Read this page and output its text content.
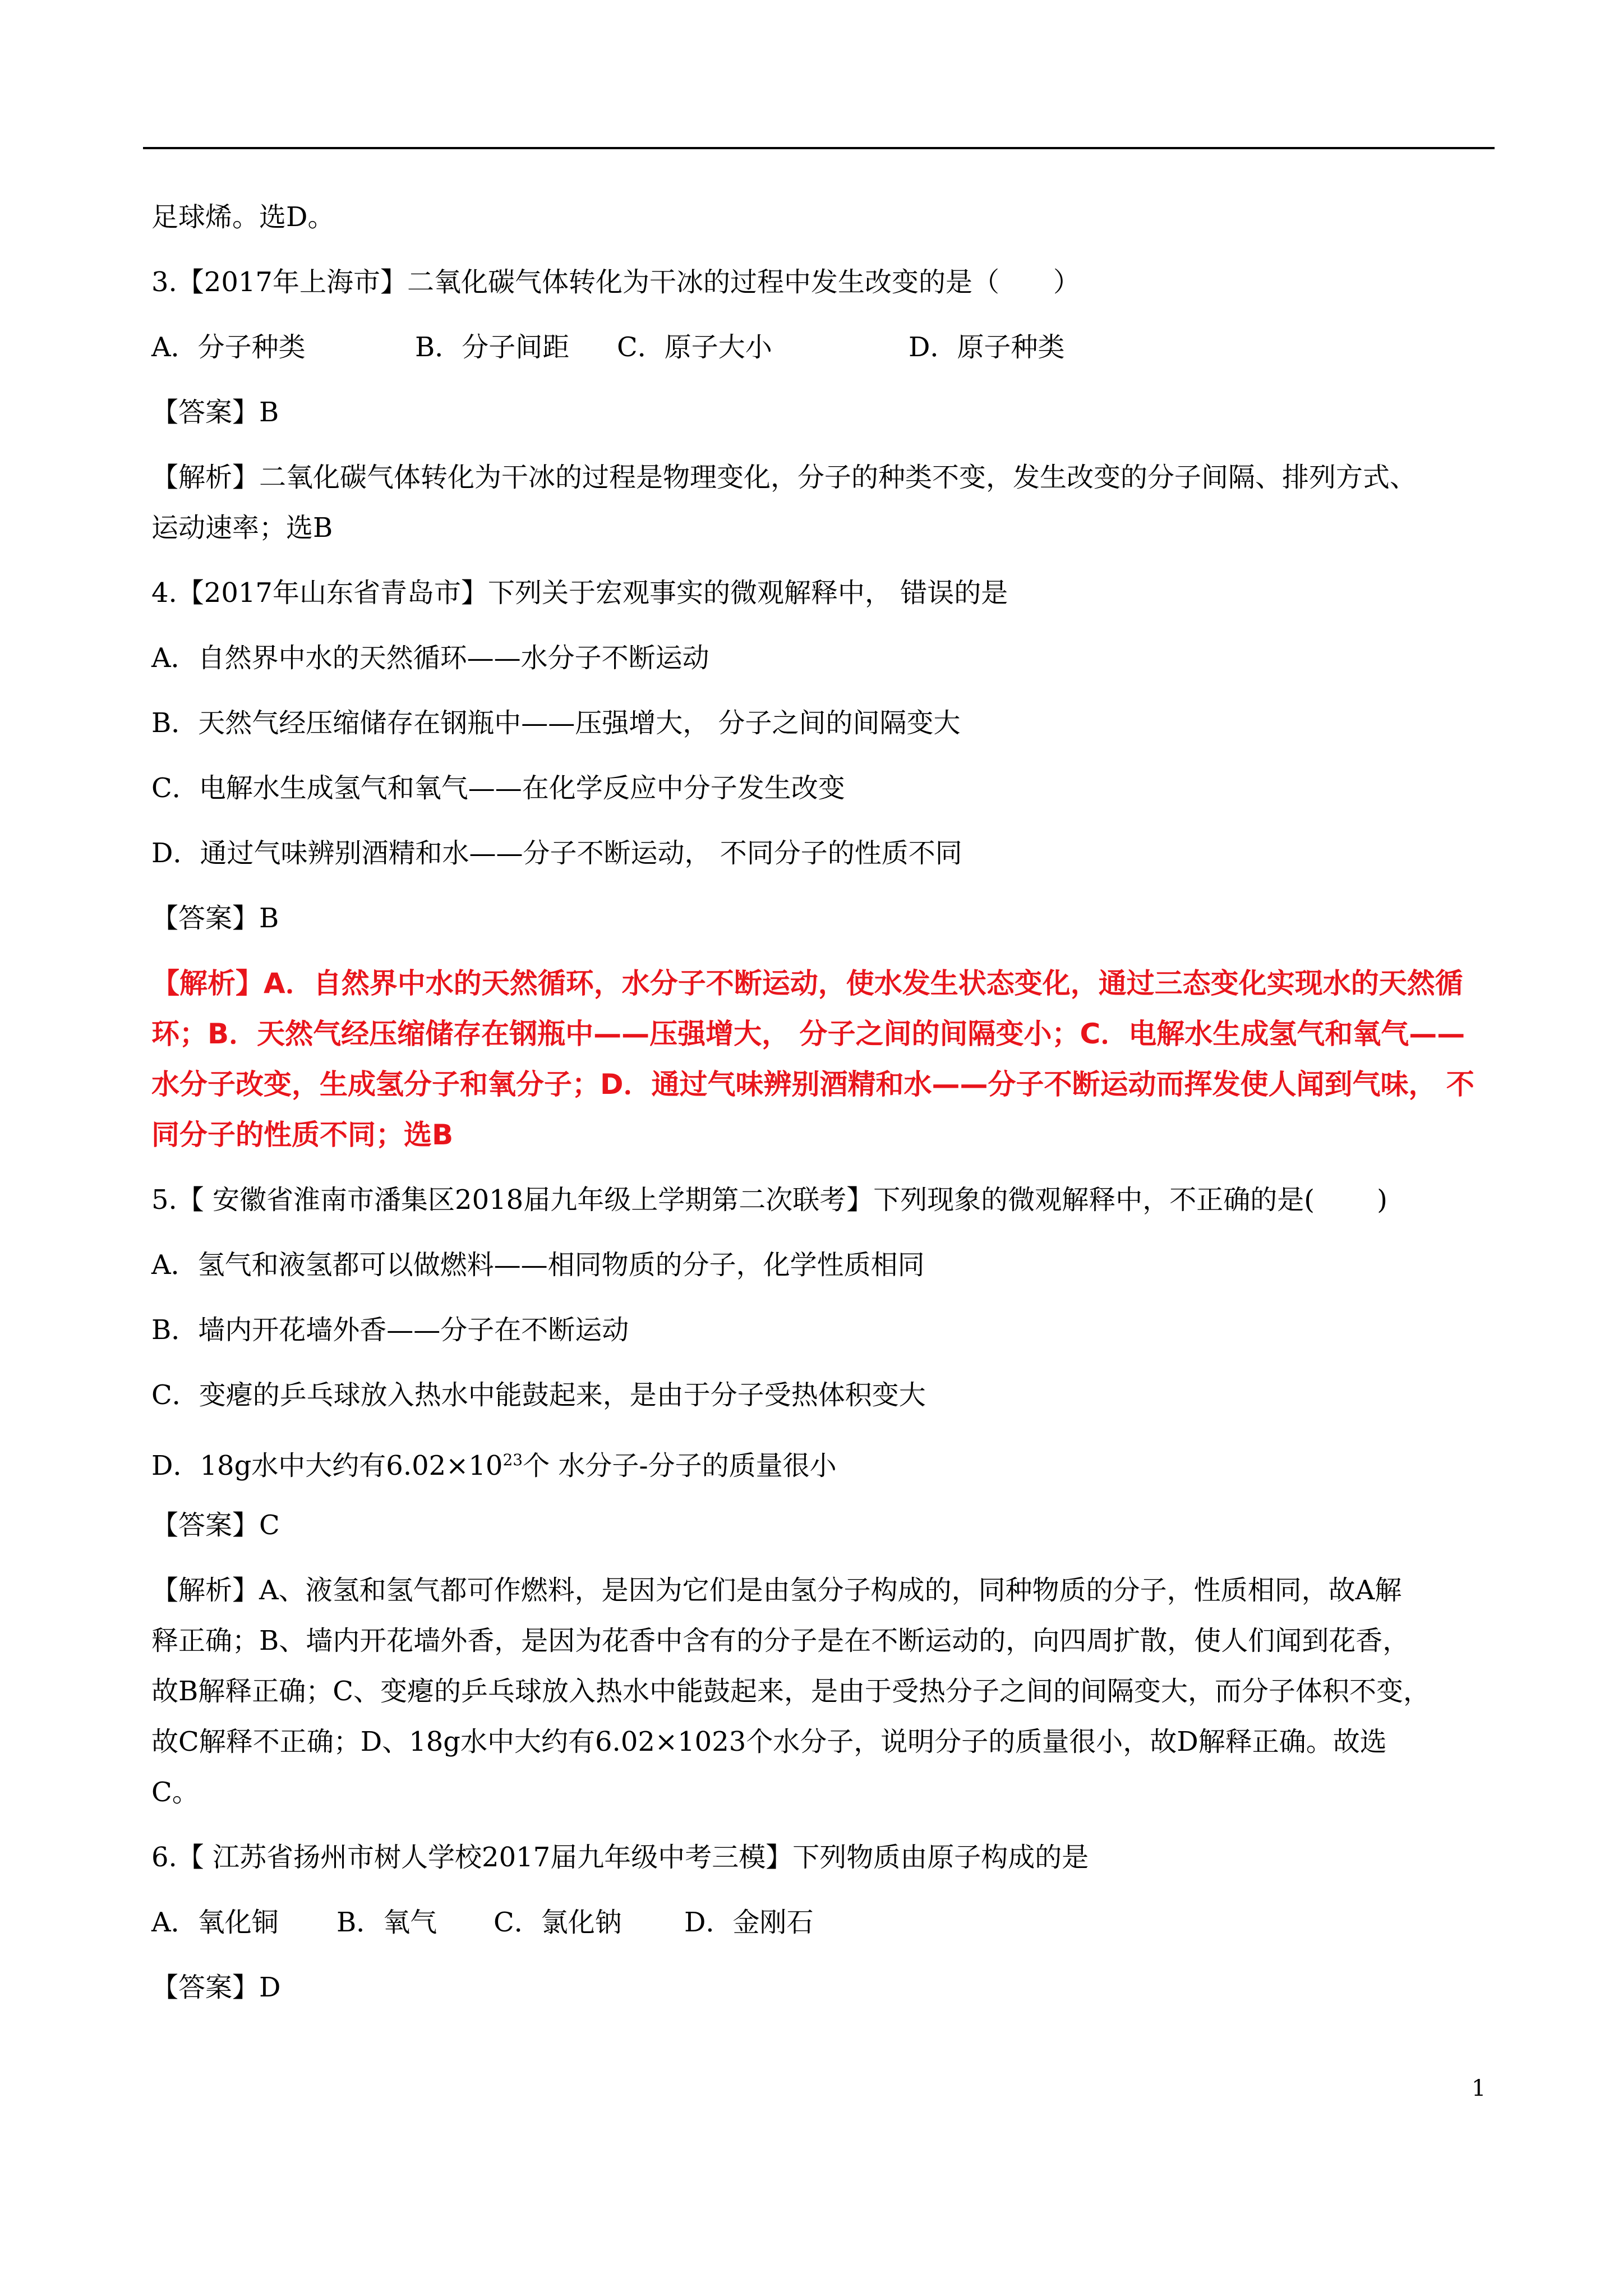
足球烯。选D。
3.【2017年上海市】二氧化碳气体转化为干冰的过程中发生改变的是（　　）
A．分子种类	B．分子间距 C．原子大小	D．原子种类
【答案】B
【解析】二氧化碳气体转化为干冰的过程是物理变化，分子的种类不变，发生改变的分子间隔、排列方式、
运动速率；选B
4.【2017年山东省青岛市】下列关于宏观事实的微观解释中， 错误的是
A．自然界中水的天然循环——水分子不断运动
B．天然气经压缩储存在钢瓶中——压强增大， 分子之间的间隔变大
C．电解水生成氢气和氧气——在化学反应中分子发生改变
D．通过气味辨别酒精和水——分子不断运动， 不同分子的性质不同
【答案】B
【解析】A．自然界中水的天然循环，水分子不断运动，使水发生状态变化，通过三态变化实现水的天然循
环；B．天然气经压缩储存在钢瓶中——压强增大， 分子之间的间隔变小；C．电解水生成氢气和氧气——
水分子改变，生成氢分子和氧分子；D．通过气味辨别酒精和水——分子不断运动而挥发使人闻到气味， 不
同分子的性质不同；选B
5.【 安徽省淮南市潘集区2018届九年级上学期第二次联考】下列现象的微观解释中，不正确的是(　　 )
A．氢气和液氢都可以做燃料——相同物质的分子，化学性质相同
B．墙内开花墙外香——分子在不断运动
C．变瘪的乒乓球放入热水中能鼓起来，是由于分子受热体积变大
D．18g水中大约有$6.02\times 10^{23}$个 水分子-分子的质量很小
【答案】C
【解析】A、液氢和氢气都可作燃料，是因为它们是由氢分子构成的，同种物质的分子，性质相同，故A解
释正确；B、墙内开花墙外香，是因为花香中含有的分子是在不断运动的，向四周扩散，使人们闻到花香，
故B解释正确；C、变瘪的乒乓球放入热水中能鼓起来，是由于受热分子之间的间隔变大，而分子体积不变，
故C解释不正确；D、18g水中大约有6.02×1023个水分子，说明分子的质量很小，故D解释正确。故选
C。
6.【 江苏省扬州市树人学校2017届九年级中考三模】下列物质由原子构成的是
A．氧化铜 B．氧气 C．氯化钠 D．金刚石
【答案】D
1
